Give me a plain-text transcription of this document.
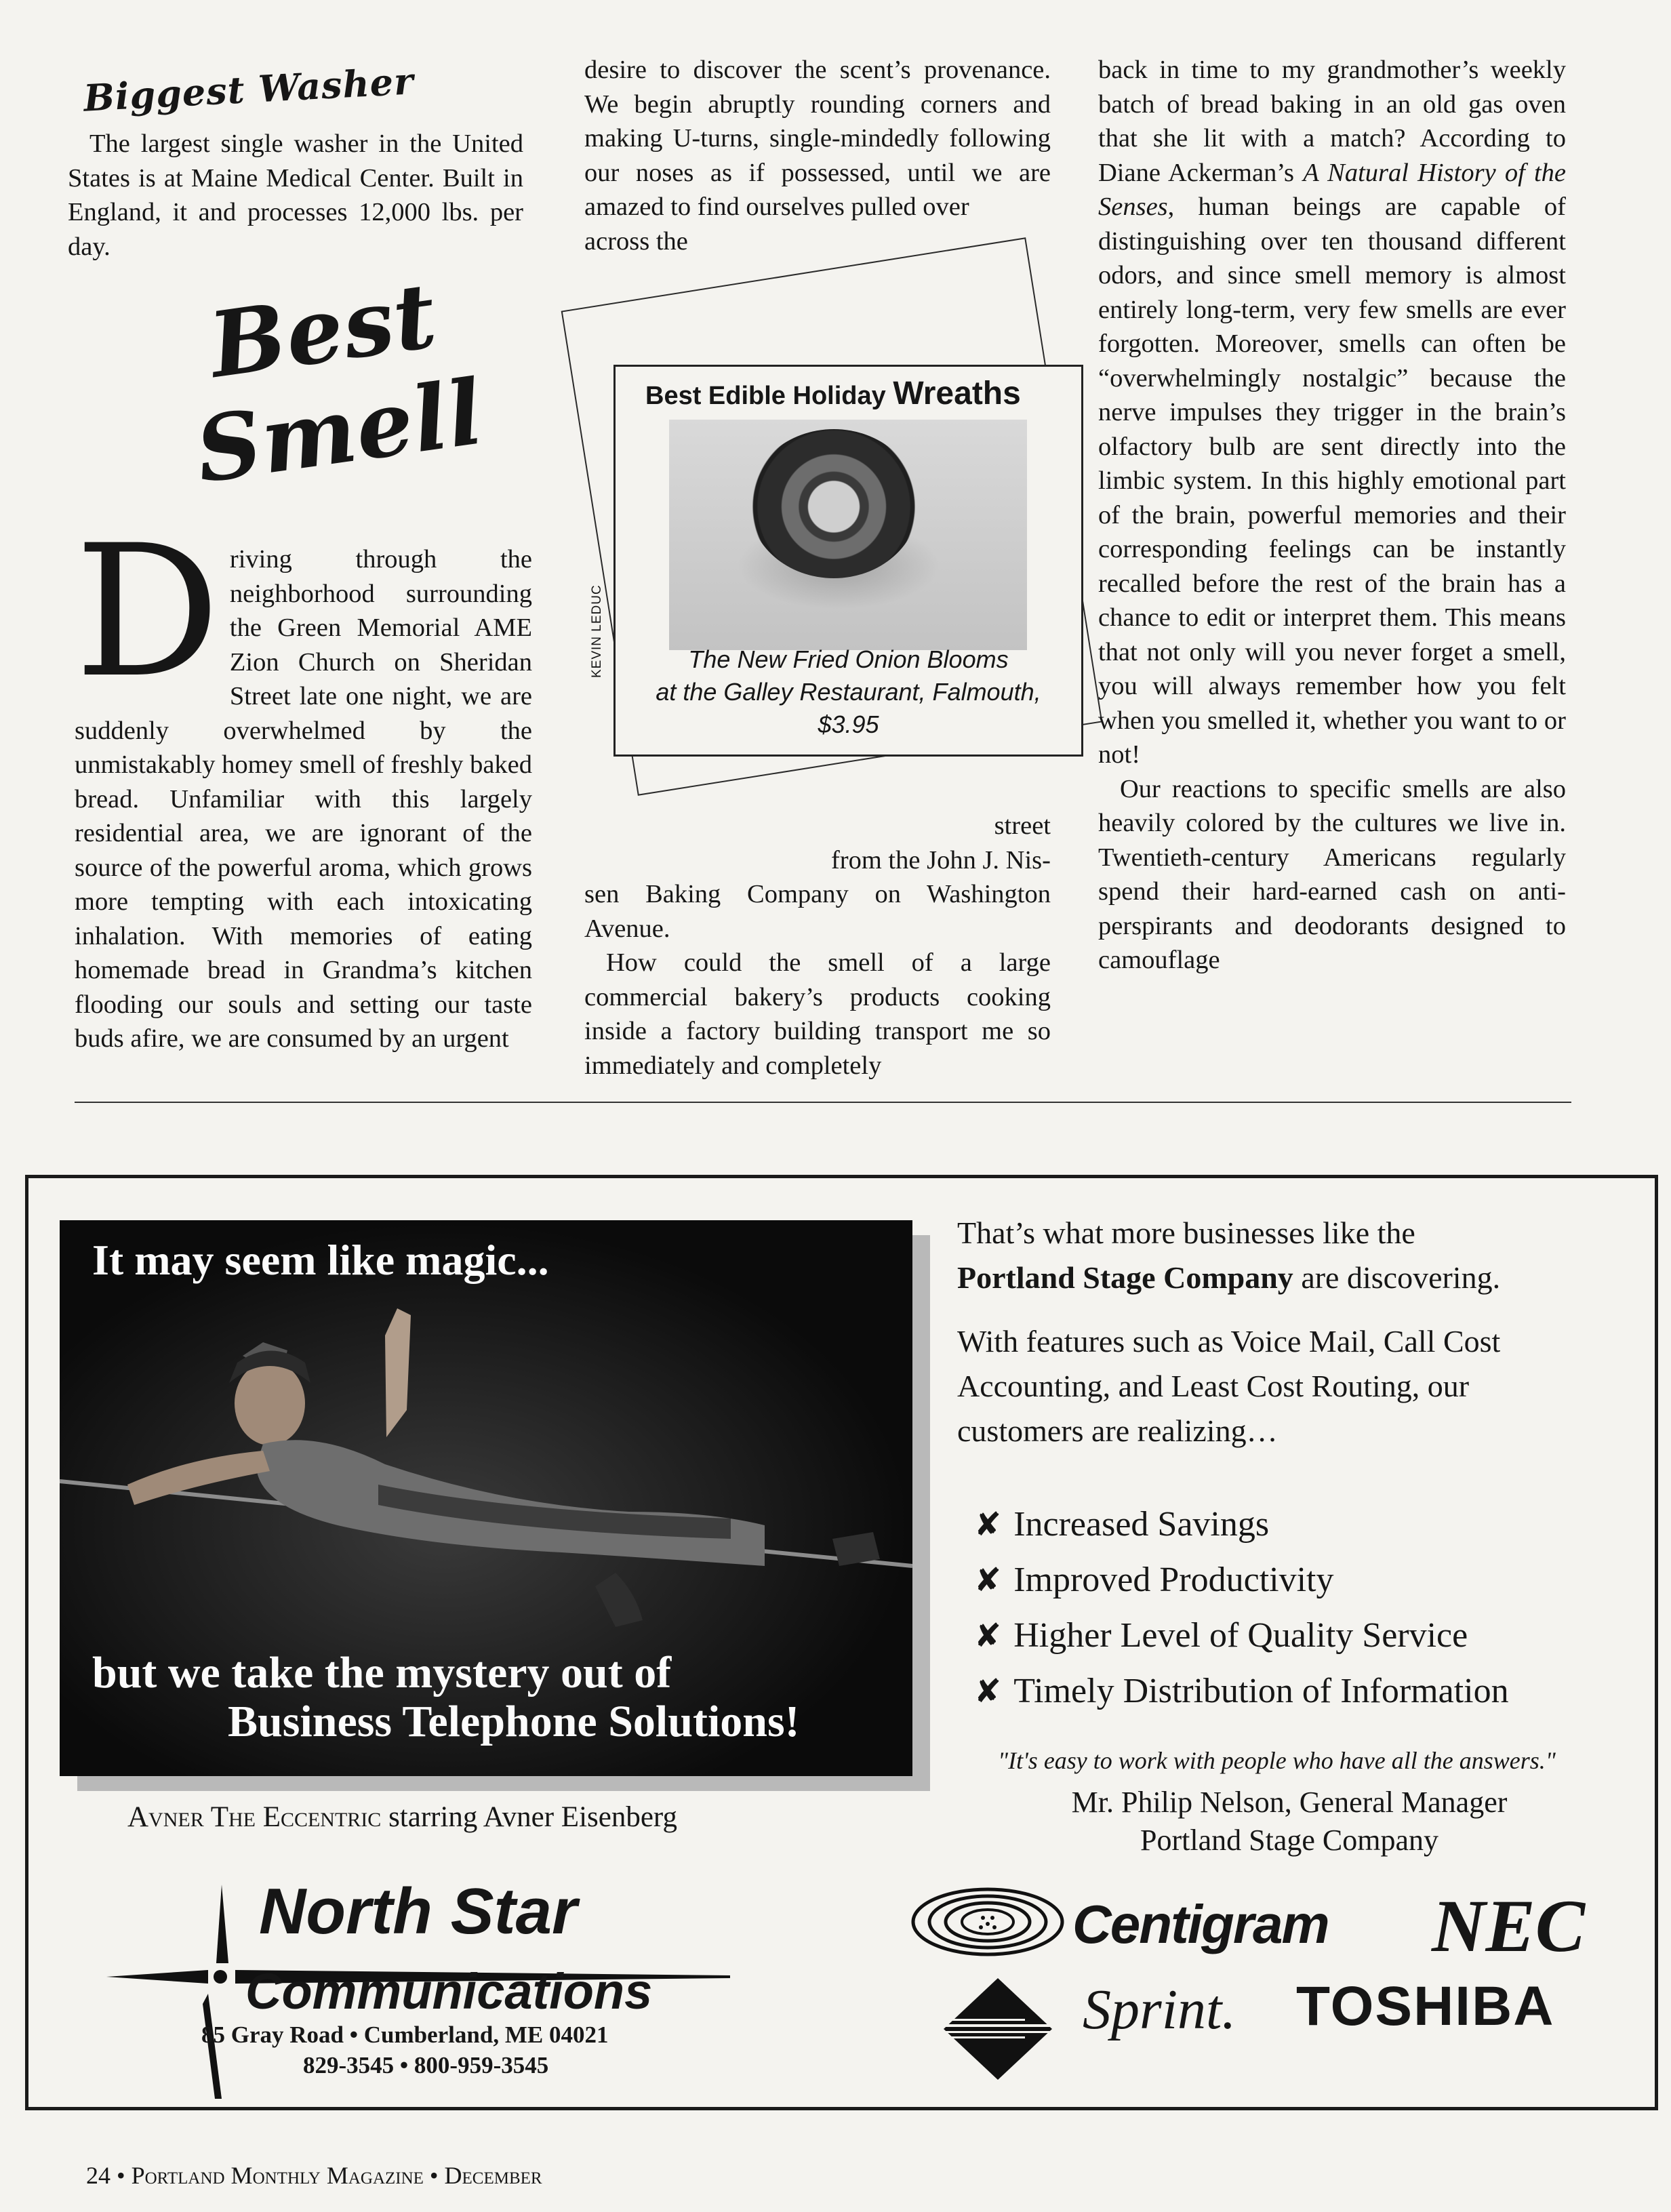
Biggest Washer

The largest single washer in the United States is at Maine Medical Center. Built in England, it and processes 12,000 lbs. per day.

Best
Smell

D riving through the neighborhood surrounding the Green Memorial AME Zion Church on Sheridan Street late one night, we are suddenly overwhelmed by the unmistakably homey smell of freshly baked bread. Unfamiliar with this largely residential area, we are ignorant of the source of the powerful aroma, which grows more tempting with each intoxicating inhalation. With memories of eating homemade bread in Grandma’s kitchen flooding our souls and setting our taste buds afire, we are consumed by an urgent

desire to discover the scent’s provenance. We begin abruptly rounding corners and making U-turns, single-mindedly following our noses as if possessed, until we are amazed to find ourselves pulled over

across the

Best Edible Holiday Wreaths
The New Fried Onion Blooms
at the Galley Restaurant, Falmouth,
$3.95
KEVIN LEDUC

street

from the John J. Nis-

sen Baking Company on Washington Avenue.

How could the smell of a large commercial bakery’s products cooking inside a factory building transport me so immediately and completely

back in time to my grandmother’s weekly batch of bread baking in an old gas oven that she lit with a match? According to Diane Ackerman’s A Natural History of the Senses, human beings are capable of distinguishing over ten thousand different odors, and since smell memory is almost entirely long-term, very few smells are ever forgotten. Moreover, smells can often be “overwhelmingly nostalgic” because the nerve impulses they trigger in the brain’s olfactory bulb are sent directly into the limbic system. In this highly emotional part of the brain, powerful memories and their corresponding feelings can be instantly recalled before the rest of the brain has a chance to edit or interpret them. This means that not only will you never forget a smell, you will always remember how you felt when you smelled it, whether you want to or not!

Our reactions to specific smells are also heavily colored by the cultures we live in. Twentieth-century Americans regularly spend their hard-earned cash on anti-perspirants and deodorants designed to camouflage

It may seem like magic...
but we take the mystery out of
Business Telephone Solutions!
Avner The Eccentric starring Avner Eisenberg
That’s what more businesses like the
Portland Stage Company are discovering.
With features such as Voice Mail, Call Cost
Accounting, and Least Cost Routing, our
customers are realizing…
✘ Increased Savings
✘ Improved Productivity
✘ Higher Level of Quality Service
✘ Timely Distribution of Information
"It's easy to work with people who have all the answers."
Mr. Philip Nelson, General Manager
Portland Stage Company
North Star
Communications
85 Gray Road • Cumberland, ME 04021
829-3545 • 800-959-3545
Centigram NEC
Sprint. TOSHIBA
24 • Portland Monthly Magazine • December
